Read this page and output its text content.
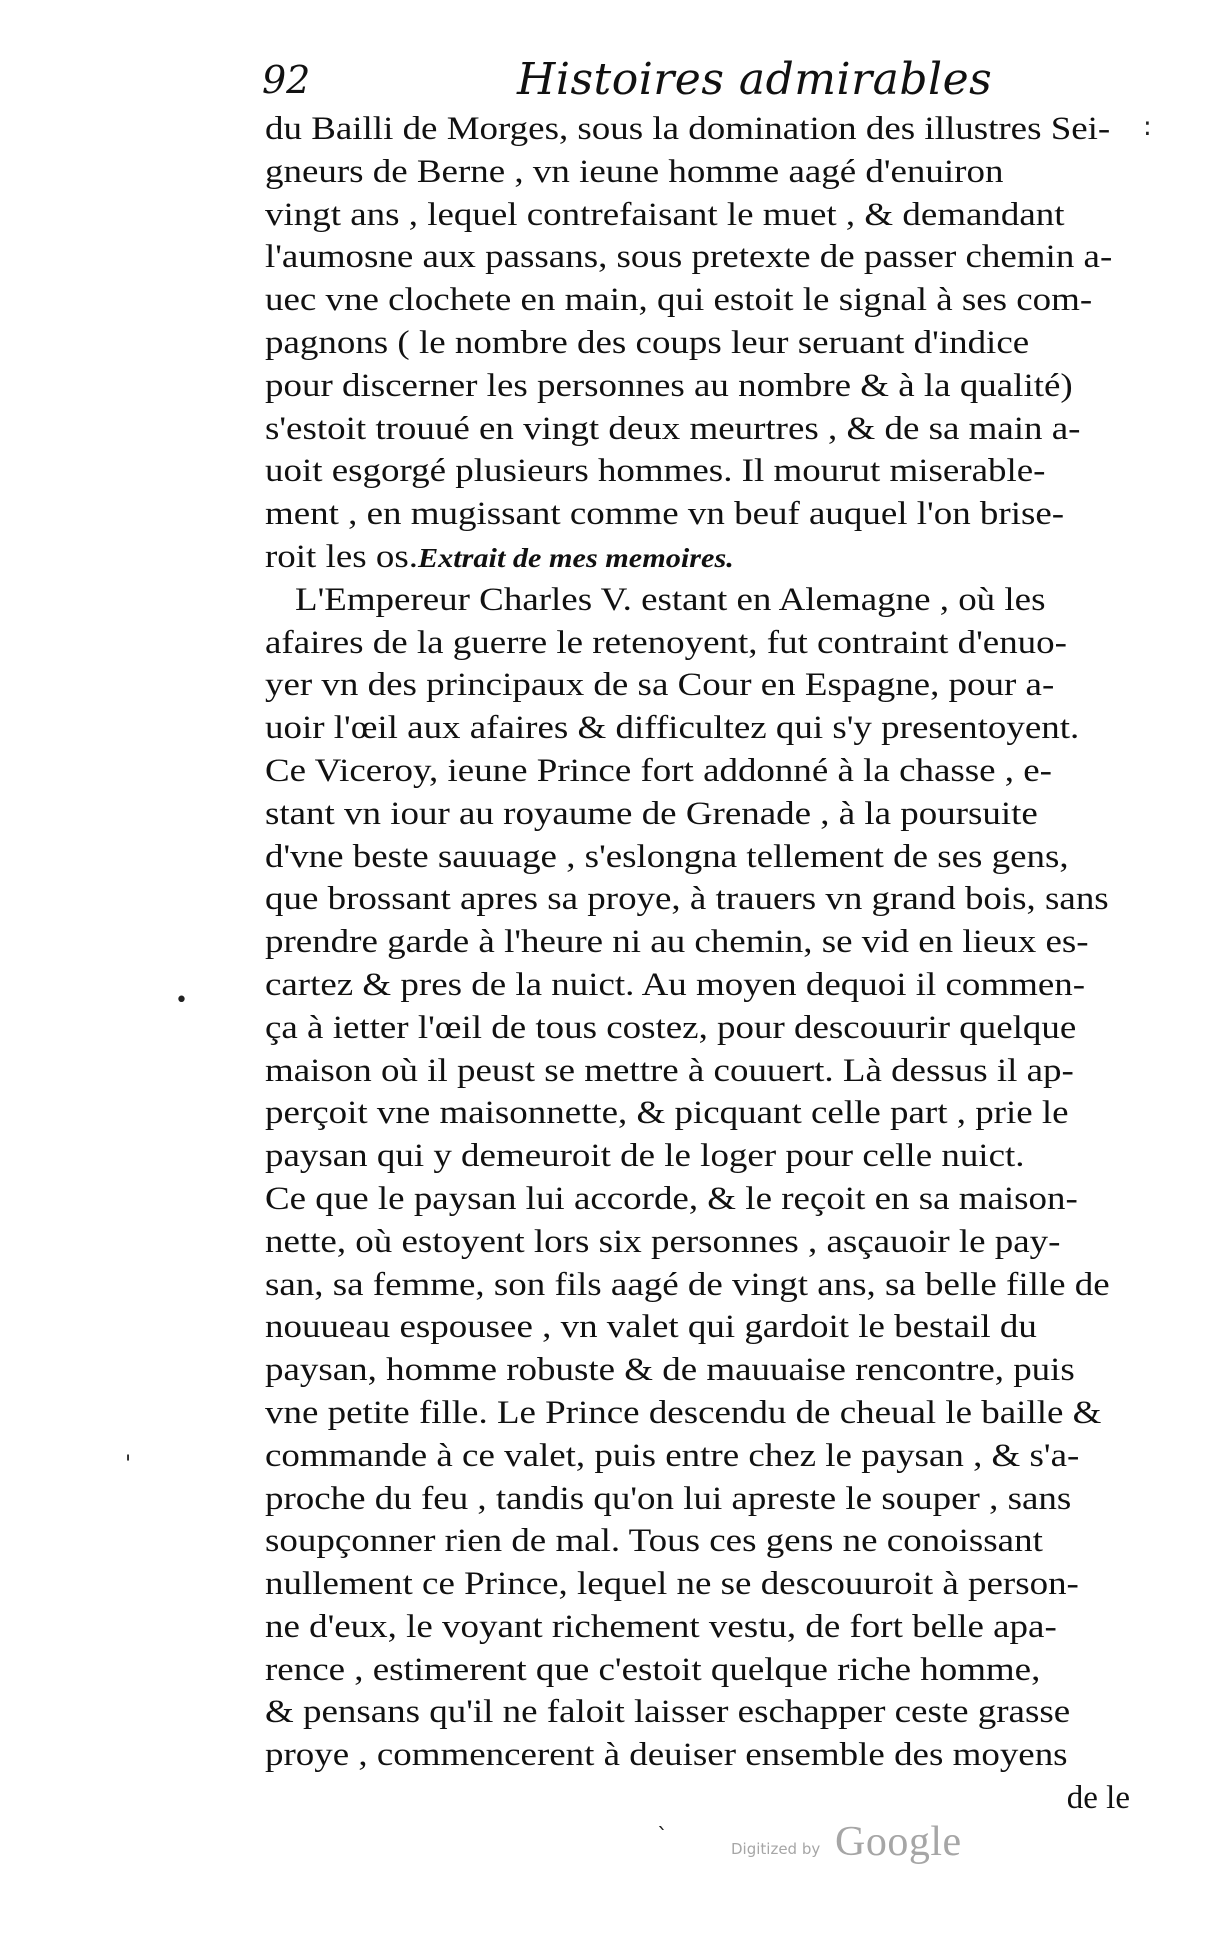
92	Histoires admirables
du Bailli de Morges, sous la domination des illustres Sei-
gneurs de Berne , vn ieune homme aagé d'enuiron
vingt ans , lequel contrefaisant le muet , & demandant
l'aumosne aux passans, sous pretexte de passer chemin a-
uec vne clochete en main, qui estoit le signal à ses com-
pagnons ( le nombre des coups leur seruant d'indice
pour discerner les personnes au nombre & à la qualité)
s'estoit trouué en vingt deux meurtres , & de sa main a-
uoit esgorgé plusieurs hommes. Il mourut miserable-
ment , en mugissant comme vn beuf auquel l'on brise-
roit les os.Extrait de mes memoires.
L'Empereur Charles V. estant en Alemagne , où les
afaires de la guerre le retenoyent, fut contraint d'enuo-
yer vn des principaux de sa Cour en Espagne, pour a-
uoir l'œil aux afaires & difficultez qui s'y presentoyent.
Ce Viceroy, ieune Prince fort addonné à la chasse , e-
stant vn iour au royaume de Grenade , à la poursuite
d'vne beste sauuage , s'eslongna tellement de ses gens,
que brossant apres sa proye, à trauers vn grand bois, sans
prendre garde à l'heure ni au chemin, se vid en lieux es-
cartez & pres de la nuict. Au moyen dequoi il commen-
ça à ietter l'œil de tous costez, pour descouurir quelque
maison où il peust se mettre à couuert. Là dessus il ap-
perçoit vne maisonnette, & picquant celle part , prie le
paysan qui y demeuroit de le loger pour celle nuict.
Ce que le paysan lui accorde, & le reçoit en sa maison-
nette, où estoyent lors six personnes , asçauoir le pay-
san, sa femme, son fils aagé de vingt ans, sa belle fille de
nouueau espousee , vn valet qui gardoit le bestail du
paysan, homme robuste & de mauuaise rencontre, puis
vne petite fille. Le Prince descendu de cheual le baille &
commande à ce valet, puis entre chez le paysan , & s'a-
proche du feu , tandis qu'on lui apreste le souper , sans
soupçonner rien de mal. Tous ces gens ne conoissant
nullement ce Prince, lequel ne se descouuroit à person-
ne d'eux, le voyant richement vestu, de fort belle apa-
rence , estimerent que c'estoit quelque riche homme,
& pensans qu'il ne faloit laisser eschapper ceste grasse
proye , commencerent à deuiser ensemble des moyens
de le
:
•
'
`	Digitized by Google
